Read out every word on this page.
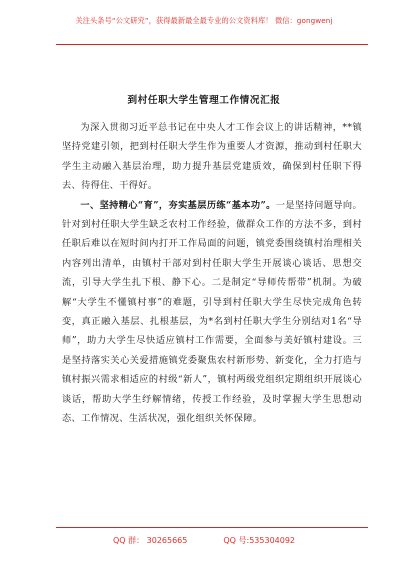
关注头条号“公文研究”，获得最新最全最专业的公文资料库！ 微信：gongwenj
到村任职大学生管理工作情况汇报

为深入贯彻习近平总书记在中央人才工作会议上的讲话精神，**镇坚持党建引领，把到村任职大学生作为重要人才资源，推动到村任职大学生主动融入基层治理，助力提升基层党建质效，确保到村任职下得去、待得住、干得好。

一、坚持精心“育”，夯实基层历练“基本功”。一是坚持问题导向。针对到村任职大学生缺乏农村工作经验，做群众工作的方法不多，到村任职后难以在短时间内打开工作局面的问题，镇党委围绕镇村治理相关内容列出清单，由镇村干部对到村任职大学生开展谈心谈话、思想交流，引导大学生扎下根、静下心。二是制定“导师传帮带”机制。为破解“大学生不懂镇村事”的难题，引导到村任职大学生尽快完成角色转变，真正融入基层、扎根基层，为*名到村任职大学生分别结对1名“导师”，助力大学生尽快适应镇村工作需要，全面参与美好镇村建设。三是坚持落实关心关爱措施镇党委聚焦农村新形势、新变化，全力打造与镇村振兴需求相适应的村级“新人”，镇村两级党组织定期组织开展谈心谈话，帮助大学生纾解情绪，传授工作经验，及时掌握大学生思想动态、工作情况、生活状况，强化组织关怀保障。

QQ 群： 30265665	QQ 号:535304092
